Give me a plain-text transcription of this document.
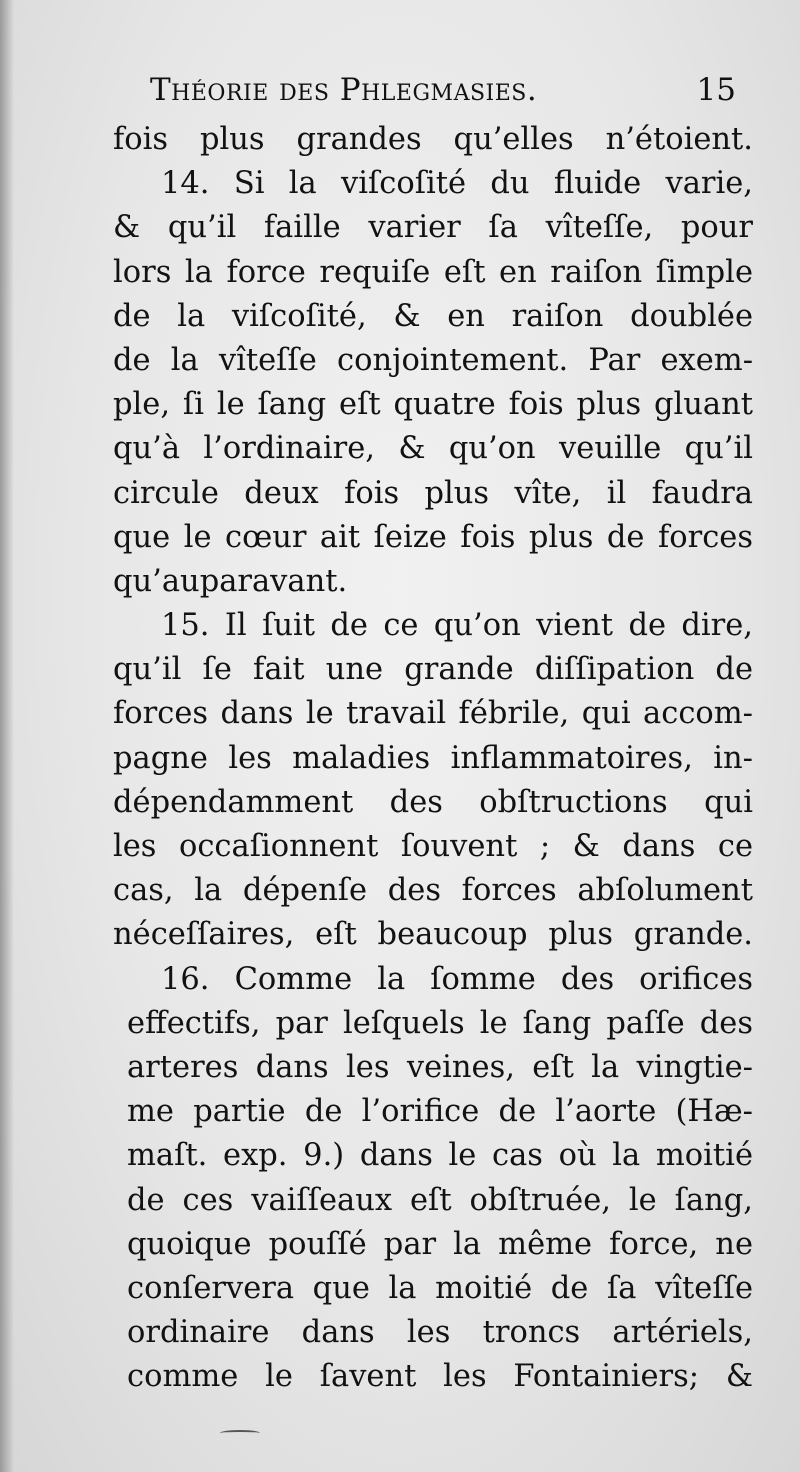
Théorie des Phlegmasies.	15
fois plus grandes qu’elles n’étoient.
14. Si la viſcoſité du fluide varie,
& qu’il faille varier ſa vîteſſe, pour
lors la force requiſe eſt en raiſon ſimple
de la viſcoſité, & en raiſon doublée
de la vîteſſe conjointement. Par exem-
ple, ſi le ſang eſt quatre fois plus gluant
qu’à l’ordinaire, & qu’on veuille qu’il
circule deux fois plus vîte, il faudra
que le cœur ait ſeize fois plus de forces
qu’auparavant.
15. Il ſuit de ce qu’on vient de dire,
qu’il ſe fait une grande diſſipation de
forces dans le travail fébrile, qui accom-
pagne les maladies inflammatoires, in-
dépendamment des obſtructions qui
les occaſionnent ſouvent ; & dans ce
cas, la dépenſe des forces abſolument
néceſſaires, eſt beaucoup plus grande.
16. Comme la ſomme des orifices
effectifs, par leſquels le ſang paſſe des
arteres dans les veines, eſt la vingtie-
me partie de l’orifice de l’aorte (Hæ-
maſt. exp. 9.) dans le cas où la moitié
de ces vaiſſeaux eſt obſtruée, le ſang,
quoique pouſſé par la même force, ne
conſervera que la moitié de ſa vîteſſe
ordinaire dans les troncs artériels,
comme le ſavent les Fontainiers; &
